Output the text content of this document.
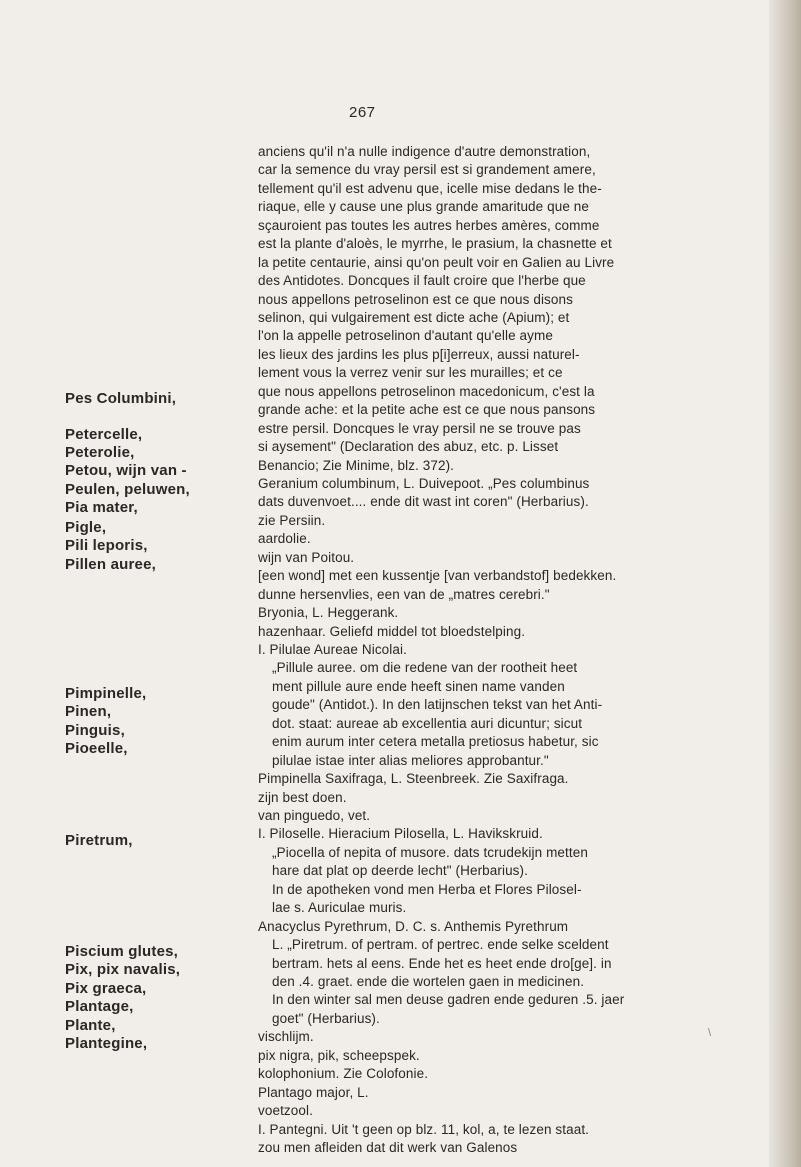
267
Pes Columbini,
Petercelle,
Peterolie,
Petou, wijn van -
Peulen, peluwen,
Pia mater,
Pigle,
Pili leporis,
Pillen auree,
Pimpinelle,
Pinen,
Pinguis,
Pioeelle,
Piretrum,
Piscium glutes,
Pix, pix navalis,
Pix graeca,
Plantage,
Plante,
Plantegine,
anciens qu'il n'a nulle indigence d'autre demonstration,
car la semence du vray persil est si grandement amere,
tellement qu'il est advenu que, icelle mise dedans le the-
riaque, elle y cause une plus grande amaritude que ne
sçauroient pas toutes les autres herbes amères, comme
est la plante d'aloès, le myrrhe, le prasium, la chasnette et
la petite centaurie, ainsi qu'on peult voir en Galien au Livre
des Antidotes. Doncques il fault croire que l'herbe que
nous appellons petroselinon est ce que nous disons
selinon, qui vulgairement est dicte ache (Apium); et
l'on la appelle petroselinon d'autant qu'elle ayme
les lieux des jardins les plus p[i]erreux, aussi naturel-
lement vous la verrez venir sur les murailles; et ce
que nous appellons petroselinon macedonicum, c'est la
grande ache: et la petite ache est ce que nous pansons
estre persil. Doncques le vray persil ne se trouve pas
si aysement" (Declaration des abuz, etc. p. Lisset
Benancio; Zie Minime, blz. 372).
Geranium columbinum, L. Duivepoot. „Pes columbinus
dats duvenvoet.... ende dit wast int coren" (Herbarius).
zie Persiin.
aardolie.
wijn van Poitou.
[een wond] met een kussentje [van verbandstof] bedekken.
dunne hersenvlies, een van de „matres cerebri."
Bryonia, L. Heggerank.
hazenhaar. Geliefd middel tot bloedstelping.
I. Pilulae Aureae Nicolai.
„Pillule auree. om die redene van der rootheit heet
ment pillule aure ende heeft sinen name vanden
goude" (Antidot.). In den latijnschen tekst van het Anti-
dot. staat: aureae ab excellentia auri dicuntur; sicut
enim aurum inter cetera metalla pretiosus habetur, sic
pilulae istae inter alias meliores approbantur."
Pimpinella Saxifraga, L. Steenbreek. Zie Saxifraga.
zijn best doen.
van pinguedo, vet.
I. Piloselle. Hieracium Pilosella, L. Havikskruid.
„Piocella of nepita of musore. dats tcrudekijn metten
hare dat plat op deerde lecht" (Herbarius).
In de apotheken vond men Herba et Flores Pilosel-
lae s. Auriculae muris.
Anacyclus Pyrethrum, D. C. s. Anthemis Pyrethrum
L. „Piretrum. of pertram. of pertrec. ende selke sceldent
bertram. hets al eens. Ende het es heet ende dro[ge]. in
den .4. graet. ende die wortelen gaen in medicinen.
In den winter sal men deuse gadren ende geduren .5. jaer
goet" (Herbarius).
vischlijm.
pix nigra, pik, scheepspek.
kolophonium. Zie Colofonie.
Plantago major, L.
voetzool.
I. Pantegni. Uit 't geen op blz. 11, kol, a, te lezen staat.
zou men afleiden dat dit werk van Galenos
\
